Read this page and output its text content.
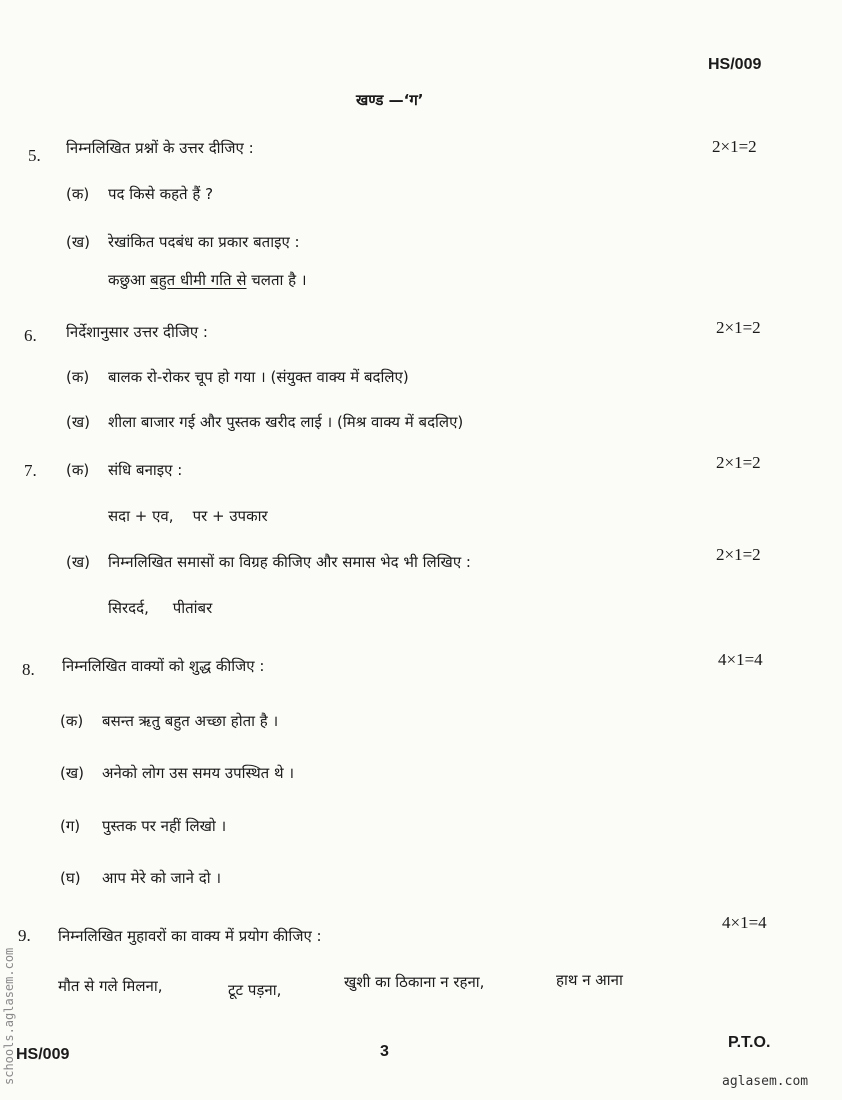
HS/009
खण्ड —‘ग’
5. निम्नलिखित प्रश्नों के उत्तर दीजिए :	2×1=2
(क) पद किसे कहते हैं ?
(ख) रेखांकित पदबंध का प्रकार बताइए :
कछुआ बहुत धीमी गति से चलता है ।
6. निर्देशानुसार उत्तर दीजिए :	2×1=2
(क) बालक रो-रोकर चूप हो गया । (संयुक्त वाक्य में बदलिए)
(ख) शीला बाजार गई और पुस्तक खरीद लाई । (मिश्र वाक्य में बदलिए)
7. (क) संधि बनाइए :	2×1=2
सदा + एव,    पर + उपकार
(ख) निम्नलिखित समासों का विग्रह कीजिए और समास भेद भी लिखिए :	2×1=2
सिरदर्द,     पीतांबर
8. निम्नलिखित वाक्यों को शुद्ध कीजिए :	4×1=4
(क) बसन्त ऋतु बहुत अच्छा होता है ।
(ख) अनेको लोग उस समय उपस्थित थे ।
(ग) पुस्तक पर नहीं लिखो ।
(घ) आप मेरे को जाने दो ।
9. निम्नलिखित मुहावरों का वाक्य में प्रयोग कीजिए :
4×1=4
मौत से गले मिलना,	टूट पड़ना,	खुशी का ठिकाना न रहना,	हाथ न आना
HS/009	3
P.T.O.
schools.aglasem.com	aglasem.com
